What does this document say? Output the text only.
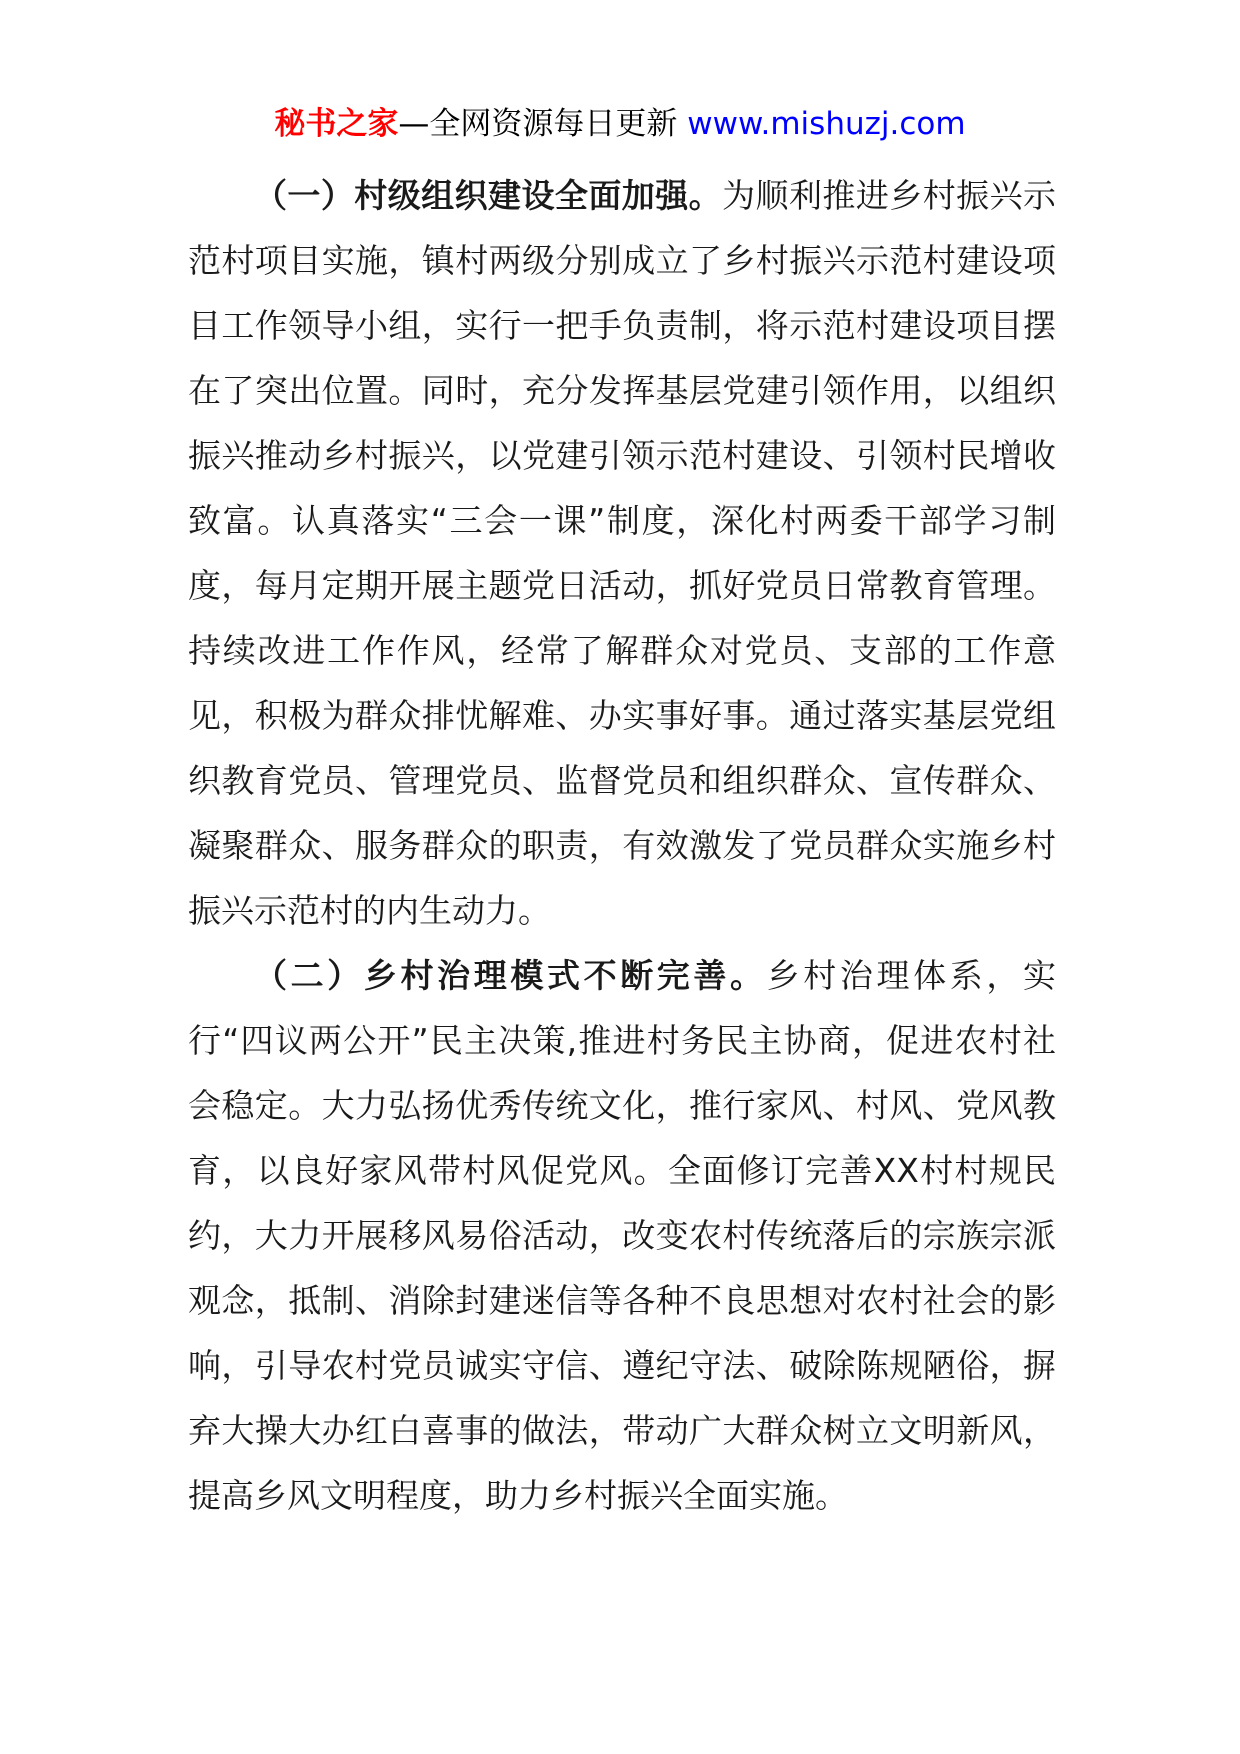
秘书之家—全网资源每日更新 www.mishuzj.com

（一）村级组织建设全面加强。为顺利推进乡村振兴示范村项目实施，镇村两级分别成立了乡村振兴示范村建设项目工作领导小组，实行一把手负责制，将示范村建设项目摆在了突出位置。同时，充分发挥基层党建引领作用，以组织振兴推动乡村振兴，以党建引领示范村建设、引领村民增收致富。认真落实“三会一课”制度，深化村两委干部学习制度，每月定期开展主题党日活动，抓好党员日常教育管理。持续改进工作作风，经常了解群众对党员、支部的工作意见，积极为群众排忧解难、办实事好事。通过落实基层党组织教育党员、管理党员、监督党员和组织群众、宣传群众、凝聚群众、服务群众的职责，有效激发了党员群众实施乡村振兴示范村的内生动力。

（二）乡村治理模式不断完善。乡村治理体系，实行“四议两公开”民主决策,推进村务民主协商，促进农村社会稳定。大力弘扬优秀传统文化，推行家风、村风、党风教育，以良好家风带村风促党风。全面修订完善XX村村规民约，大力开展移风易俗活动，改变农村传统落后的宗族宗派观念，抵制、消除封建迷信等各种不良思想对农村社会的影响，引导农村党员诚实守信、遵纪守法、破除陈规陋俗，摒弃大操大办红白喜事的做法，带动广大群众树立文明新风，提高乡风文明程度，助力乡村振兴全面实施。
